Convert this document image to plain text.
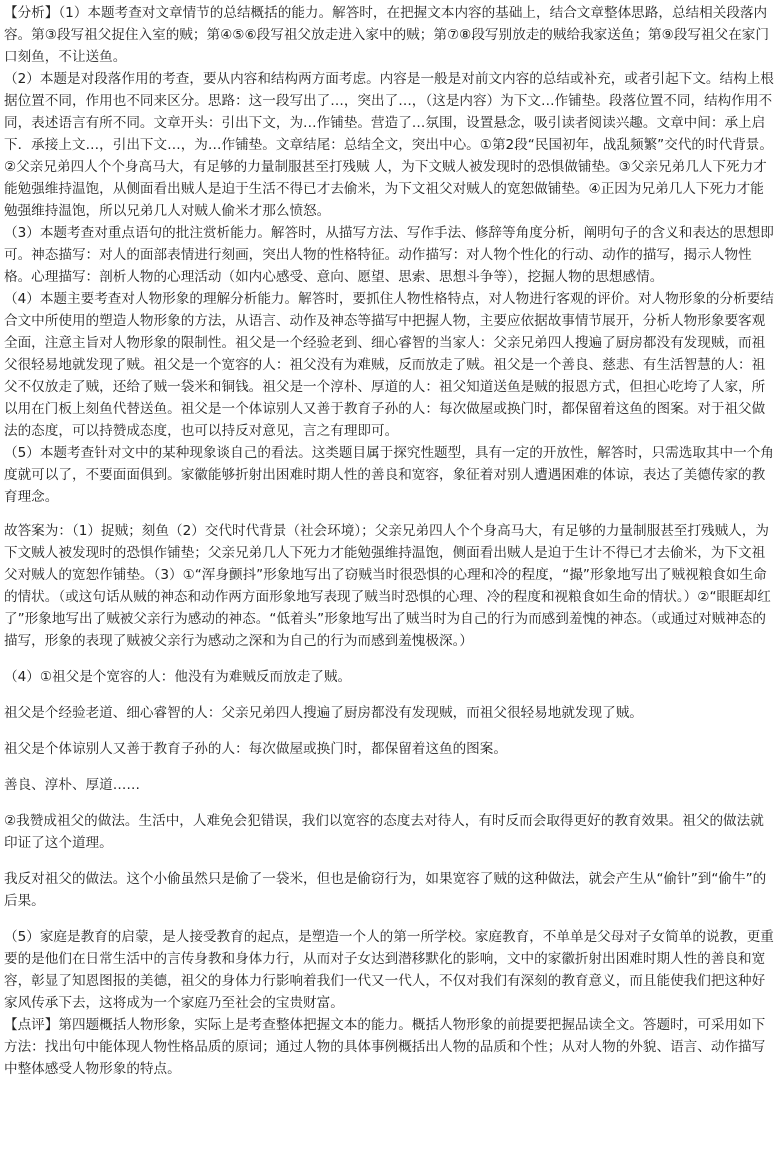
【分析】（1）本题考查对文章情节的总结概括的能力。解答时，在把握文本内容的基础上，结合文章整体思路，总结相关段落内容。第③段写祖父捉住入室的贼；第④⑤⑥段写祖父放走进入家中的贼；第⑦⑧段写别放走的贼给我家送鱼；第⑨段写祖父在家门口刻鱼，不让送鱼。

（2）本题是对段落作用的考查，要从内容和结构两方面考虑。内容是一般是对前文内容的总结或补充，或者引起下文。结构上根据位置不同，作用也不同来区分。思路：这一段写出了…，突出了…，（这是内容）为下文…作铺垫。段落位置不同，结构作用不同，表述语言有所不同。文章开头：引出下文，为…作铺垫。营造了…氛围，设置悬念，吸引读者阅读兴趣。文章中间：承上启下．承接上文…，引出下文…，为…作铺垫。文章结尾：总结全文，突出中心。①第2段“民国初年，战乱频繁”交代的时代背景。②父亲兄弟四人个个身高马大，有足够的力量制服甚至打残贼 人，为下文贼人被发现时的恐惧做铺垫。③父亲兄弟几人下死力才能勉强维持温饱，从侧面看出贼人是迫于生活不得已才去偷米，为下文祖父对贼人的宽恕做铺垫。④正因为兄弟几人下死力才能勉强维持温饱，所以兄弟几人对贼人偷米才那么愤怒。

（3）本题考查对重点语句的批注赏析能力。解答时，从描写方法、写作手法、修辞等角度分析，阐明句子的含义和表达的思想即可。神态描写：对人的面部表情进行刻画，突出人物的性格特征。动作描写：对人物个性化的行动、动作的描写，揭示人物性格。心理描写：剖析人物的心理活动（如内心感受、意向、愿望、思索、思想斗争等），挖掘人物的思想感情。

（4）本题主要考查对人物形象的理解分析能力。解答时，要抓住人物性格特点，对人物进行客观的评价。对人物形象的分析要结合文中所使用的塑造人物形象的方法，从语言、动作及神态等描写中把握人物，主要应依据故事情节展开，分析人物形象要客观全面，注意主旨对人物形象的限制性。祖父是一个经验老到、细心睿智的当家人：父亲兄弟四人搜遍了厨房都没有发现贼，而祖父很轻易地就发现了贼。祖父是一个宽容的人：祖父没有为难贼，反而放走了贼。祖父是一个善良、慈悲、有生活智慧的人：祖父不仅放走了贼，还给了贼一袋米和铜钱。祖父是一个淳朴、厚道的人：祖父知道送鱼是贼的报恩方式，但担心吃垮了人家，所以用在门板上刻鱼代替送鱼。祖父是一个体谅别人又善于教育子孙的人：每次做屋或换门时，都保留着这鱼的图案。对于祖父做法的态度，可以持赞成态度，也可以持反对意见，言之有理即可。

（5）本题考查针对文中的某种现象谈自己的看法。这类题目属于探究性题型，具有一定的开放性，解答时，只需选取其中一个角度就可以了，不要面面俱到。家徽能够折射出困难时期人性的善良和宽容，象征着对别人遭遇困难的体谅，表达了美德传家的教育理念。

故答案为：（1）捉贼；刻鱼（2）交代时代背景（社会环境）；父亲兄弟四人个个身高马大，有足够的力量制服甚至打残贼人，为下文贼人被发现时的恐惧作铺垫；父亲兄弟几人下死力才能勉强维持温饱，侧面看出贼人是迫于生计不得已才去偷米，为下文祖父对贼人的宽恕作铺垫。（3）①“浑身颤抖”形象地写出了窃贼当时很恐惧的心理和冷的程度，“撮”形象地写出了贼视粮食如生命的情状。（或这句话从贼的神态和动作两方面形象地写表现了贼当时恐惧的心理、冷的程度和视粮食如生命的情状。）②“眼眶却红了”形象地写出了贼被父亲行为感动的神态。“低着头”形象地写出了贼当时为自己的行为而感到羞愧的神态。（或通过对贼神态的描写，形象的表现了贼被父亲行为感动之深和为自己的行为而感到羞愧极深。）

（4）①祖父是个宽容的人：他没有为难贼反而放走了贼。

祖父是个经验老道、细心睿智的人：父亲兄弟四人搜遍了厨房都没有发现贼，而祖父很轻易地就发现了贼。

祖父是个体谅别人又善于教育子孙的人：每次做屋或换门时，都保留着这鱼的图案。

善良、淳朴、厚道……

②我赞成祖父的做法。生活中，人难免会犯错误，我们以宽容的态度去对待人，有时反而会取得更好的教育效果。祖父的做法就印证了这个道理。

我反对祖父的做法。这个小偷虽然只是偷了一袋米，但也是偷窃行为，如果宽容了贼的这种做法，就会产生从“偷针”到“偷牛”的后果。

（5）家庭是教育的启蒙，是人接受教育的起点，是塑造一个人的第一所学校。家庭教育，不单单是父母对子女简单的说教，更重要的是他们在日常生活中的言传身教和身体力行，从而对子女达到潜移默化的影响，文中的家徽折射出困难时期人性的善良和宽容，彰显了知恩图报的美德，祖父的身体力行影响着我们一代又一代人，不仅对我们有深刻的教育意义，而且能使我们把这种好家风传承下去，这将成为一个家庭乃至社会的宝贵财富。

【点评】第四题概括人物形象，实际上是考查整体把握文本的能力。概括人物形象的前提要把握品读全文。答题时，可采用如下方法：找出句中能体现人物性格品质的原词；通过人物的具体事例概括出人物的品质和个性；从对人物的外貌、语言、动作描写中整体感受人物形象的特点。
